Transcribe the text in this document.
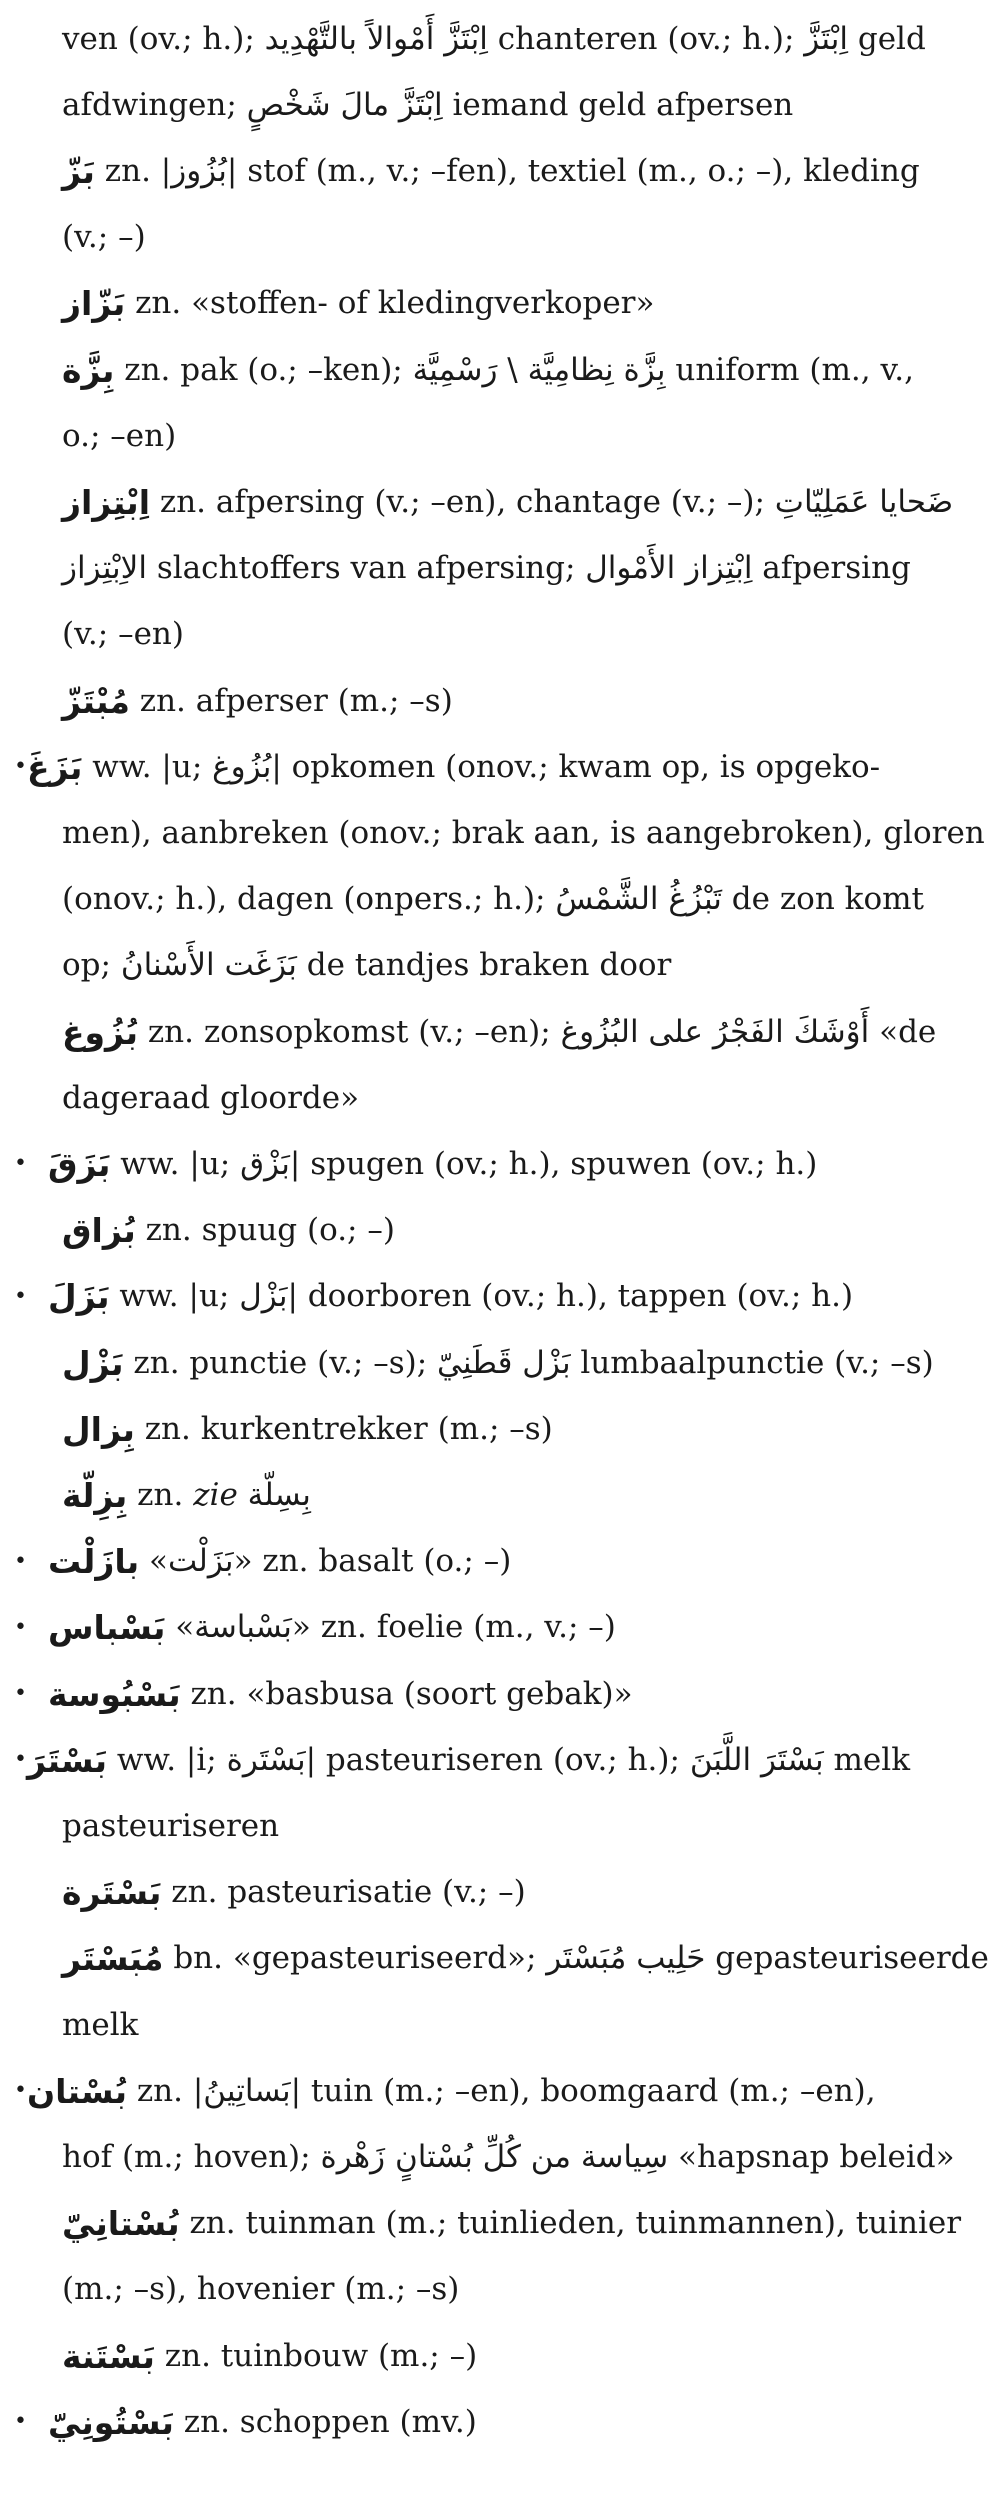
ven (ov.; h.); اِبْتَزَّ أَمْوالاً بالتَّهْدِيد chanteren (ov.; h.); اِبْتَزَّ geld
afdwingen; اِبْتَزَّ مالَ شَخْصٍ iemand geld afpersen
بَزّ zn. | بُزُوز | stof (m., v.; –fen), textiel (m., o.; –), kleding
(v.; –)
بَزّاز zn. «stoffen- of kledingverkoper»
بِزَّة zn. pak (o.; –ken); بِزَّة نِظامِيَّة \ رَسْمِيَّة uniform (m., v.,
o.; –en)
اِبْتِزاز zn. afpersing (v.; –en), chantage (v.; –); ضَحايا عَمَلِيّاتِ
الاِبْتِزاز slachtoffers van afpersing; اِبْتِزاز الأَمْوال afpersing
(v.; –en)
مُبْتَزّ zn. afperser (m.; –s)
• بَزَغَ ww. |u; بُزُوغ | opkomen (onov.; kwam op, is opgeko-
men), aanbreken (onov.; brak aan, is aangebroken), gloren
(onov.; h.), dagen (onpers.; h.); تَبْزُغُ الشَّمْسُ de zon komt
op; بَزَغَت الأَسْنانُ de tandjes braken door
بُزُوغ zn. zonsopkomst (v.; –en); أَوْشَكَ الفَجْرُ على البُزُوغ «de
dageraad gloorde»
• بَزَقَ ww. |u; بَزْق | spugen (ov.; h.), spuwen (ov.; h.)
بُزاق zn. spuug (o.; –)
• بَزَلَ ww. |u; بَزْل | doorboren (ov.; h.), tappen (ov.; h.)
بَزْل zn. punctie (v.; –s); بَزْل قَطَنِيّ lumbaalpunctie (v.; –s)
بِزال zn. kurkentrekker (m.; –s)
بِزِلّة zn. zie
بِسِلّة
• بازَلْت « بَزَلْت » zn. basalt (o.; –)
• بَسْباس « بَسْباسة » zn. foelie (m., v.; –)
• بَسْبُوسة zn. «basbusa (soort gebak)»
• بَسْتَرَ ww. |i; بَسْتَرة | pasteuriseren (ov.; h.); بَسْتَرَ اللَّبَنَ melk
pasteuriseren
بَسْتَرة zn. pasteurisatie (v.; –)
مُبَسْتَر bn. «gepasteuriseerd»; حَلِيب مُبَسْتَر gepasteuriseerde
melk
• بُسْتان zn. | بَساتِينُ | tuin (m.; –en), boomgaard (m.; –en),
hof (m.; hoven); سِياسة من كُلِّ بُسْتانٍ زَهْرة «hapsnap beleid»
بُسْتانِيّ zn. tuinman (m.; tuinlieden, tuinmannen), tuinier
(m.; –s), hovenier (m.; –s)
بَسْتَنة zn. tuinbouw (m.; –)
• بَسْتُونِيّ zn. schoppen (mv.)
